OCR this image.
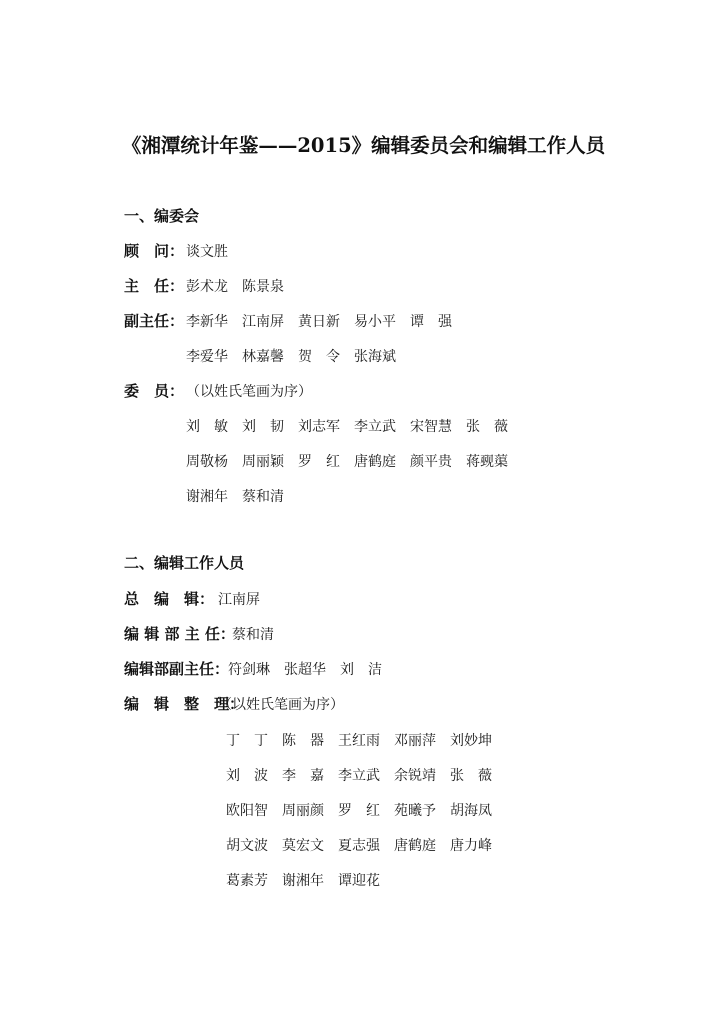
《湘潭统计年鉴——2015》编辑委员会和编辑工作人员
一、编委会
顾　问： 谈文胜
主　任： 彭术龙　陈景泉
副主任： 李新华　江南屏　黄日新　易小平　谭　强
李爱华　林嘉馨　贺　令　张海斌
委　员： （以姓氏笔画为序）
刘　敏　刘　韧　刘志军　李立武　宋智慧　张　薇
周敬杨　周丽颖　罗　红　唐鹤庭　颜平贵　蒋觋蕖
谢湘年　蔡和清
二、编辑工作人员
总　编　辑： 江南屏
编 辑 部 主 任：
蔡和清
编辑部副主任：
符剑琳　张超华　刘　洁
编　辑　整　理：
（以姓氏笔画为序）
丁　丁　陈　器　王红雨　邓丽萍　刘妙坤
刘　波　李　嘉　李立武　余锐靖　张　薇
欧阳智　周丽颜　罗　红　苑曦予　胡海凤
胡文波　莫宏文　夏志强　唐鹤庭　唐力峰
葛素芳　谢湘年　谭迎花
